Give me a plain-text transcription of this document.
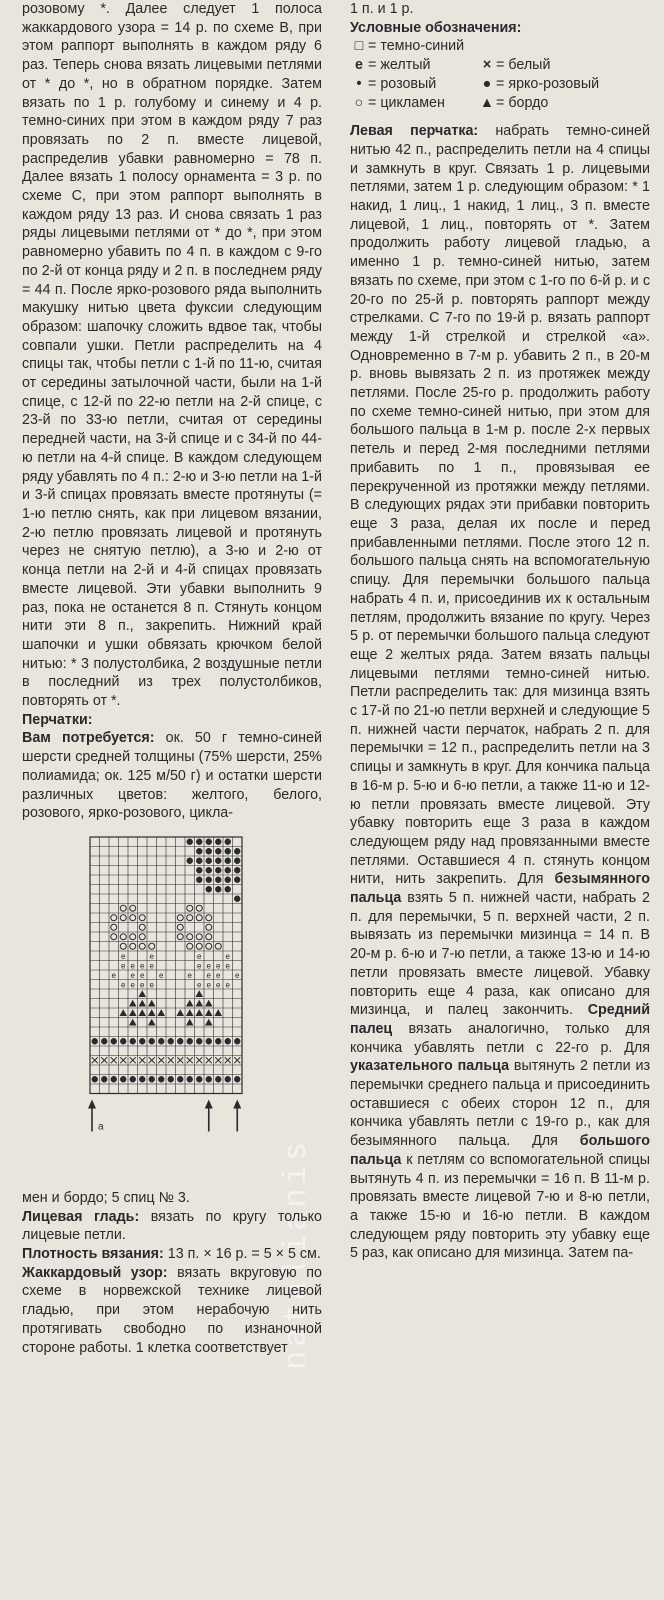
natalianis

розовому *. Далее следует 1 полоса жаккардового узора = 14 р. по схеме В, при этом раппорт выполнять в каждом ряду 6 раз. Теперь снова вязать лицевыми петлями от * до *, но в обратном порядке. Затем вязать по 1 р. голубому и синему и 4 р. темно-синих при этом в каждом ряду 7 раз провязать по 2 п. вместе лицевой, распределив убавки равномерно = 78 п. Далее вязать 1 полосу орнамента = 3 р. по схеме С, при этом раппорт выполнять в каждом ряду 13 раз. И снова связать 1 раз ряды лицевыми петлями от * до *, при этом равномерно убавить по 4 п. в каждом с 9-го по 2-й от конца ряду и 2 п. в последнем ряду = 44 п. После ярко-розового ряда выполнить макушку нитью цвета фуксии следующим образом: шапочку сложить вдвое так, чтобы совпали ушки. Петли распределить на 4 спицы так, чтобы петли с 1-й по 11-ю, считая от середины затылочной части, были на 1-й спице, с 12-й по 22-ю петли на 2-й спице, с 23-й по 33-ю петли, считая от середины передней части, на 3-й спице и с 34-й по 44-ю петли на 4-й спице. В каждом следующем ряду убавлять по 4 п.: 2-ю и 3-ю петли на 1-й и 3-й спицах провязать вместе протянуты (= 1-ю петлю снять, как при лицевом вязании, 2-ю петлю провязать лицевой и протянуть через не снятую петлю), а 3-ю и 2-ю от конца петли на 2-й и 4-й спицах провязать вместе лицевой. Эти убавки выполнить 9 раз, пока не останется 8 п. Стянуть концом нити эти 8 п., закрепить. Нижний край шапочки и ушки обвязать крючком белой нитью: * 3 полустолбика, 2 воздушные петли в последний из трех полустолбиков, повторять от *.

Перчатки:

Вам потребуется: ок. 50 г темно-синей шерсти средней толщины (75% шерсти, 25% полиамида; ок. 125 м/50 г) и остатки шерсти различных цветов: желтого, белого, розового, ярко-розового, цикла-

e	e	e	e
e e e e	e e e e
e e e e	e e e e
e e e e	e e e e
a

мен и бордо; 5 спиц № 3.

Лицевая гладь: вязать по кругу только лицевые петли.

Плотность вязания: 13 п. × 16 р. = 5 × 5 см.

Жаккардовый узор: вязать вкруговую по схеме в норвежской технике лицевой гладью, при этом нерабочую нить протягивать свободно по изнаночной стороне работы. 1 клетка соответствует

1 п. и 1 р.

Условные обозначения:

□ = темно-синий
e = желтый	× = белый
• = розовый	● = ярко-розовый
○ = цикламен ▲ = бордо

Левая перчатка: набрать темно-синей нитью 42 п., распределить петли на 4 спицы и замкнуть в круг. Связать 1 р. лицевыми петлями, затем 1 р. следующим образом: * 1 накид, 1 лиц., 1 накид, 1 лиц., 3 п. вместе лицевой, 1 лиц., повторять от *. Затем продолжить работу лицевой гладью, а именно 1 р. темно-синей нитью, затем вязать по схеме, при этом с 1-го по 6-й р. и с 20-го по 25-й р. повторять раппорт между стрелками. С 7-го по 19-й р. вязать раппорт между 1-й стрелкой и стрелкой «а». Одновременно в 7-м р. убавить 2 п., в 20-м р. вновь вывязать 2 п. из протяжек между петлями. После 25-го р. продолжить работу по схеме темно-синей нитью, при этом для большого пальца в 1-м р. после 2-х первых петель и перед 2-мя последними петлями прибавить по 1 п., провязывая ее перекрученной из протяжки между петлями. В следующих рядах эти прибавки повторить еще 3 раза, делая их после и перед прибавленными петлями. После этого 12 п. большого пальца снять на вспомогательную спицу. Для перемычки большого пальца набрать 4 п. и, присоединив их к остальным петлям, продолжить вязание по кругу. Через 5 р. от перемычки большого пальца следуют еще 2 желтых ряда. Затем вязать пальцы лицевыми петлями темно-синей нитью. Петли распределить так: для мизинца взять с 17-й по 21-ю петли верхней и следующие 5 п. нижней части перчаток, набрать 2 п. для перемычки = 12 п., распределить петли на 3 спицы и замкнуть в круг. Для кончика пальца в 16-м р. 5-ю и 6-ю петли, а также 11-ю и 12-ю петли провязать вместе лицевой. Эту убавку повторить еще 3 раза в каждом следующем ряду над провязанными вместе петлями. Оставшиеся 4 п. стянуть концом нити, нить закрепить. Для безымянного пальца взять 5 п. нижней части, набрать 2 п. для перемычки, 5 п. верхней части, 2 п. вывязать из перемычки мизинца = 14 п. В 20-м р. 6-ю и 7-ю петли, а также 13-ю и 14-ю петли провязать вместе лицевой. Убавку повторить еще 4 раза, как описано для мизинца, и палец закончить. Средний палец вязать аналогично, только для кончика убавлять петли с 22-го р. Для указательного пальца вытянуть 2 петли из перемычки среднего пальца и присоединить оставшиеся с обеих сторон 12 п., для кончика убавлять петли с 19-го р., как для безымянного пальца. Для большого пальца к петлям со вспомогательной спицы вытянуть 4 п. из перемычки = 16 п. В 11-м р. провязать вместе лицевой 7-ю и 8-ю петли, а также 15-ю и 16-ю петли. В каждом следующем ряду повторить эту убавку еще 5 раз, как описано для мизинца. Затем па-
